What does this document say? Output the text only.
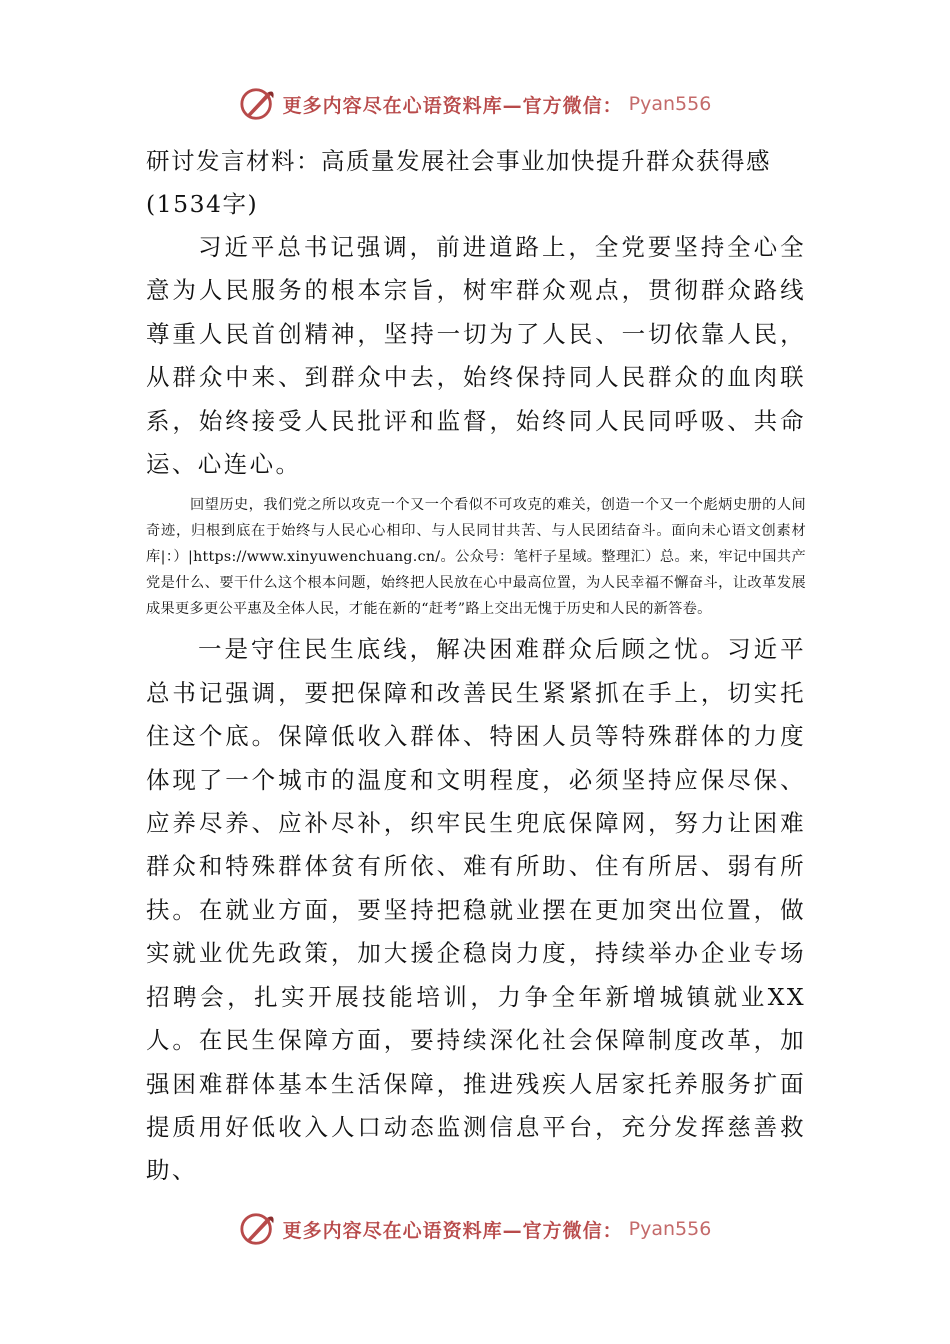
更多内容尽在心语资料库—官方微信： Pyan556

研讨发言材料：高质量发展社会事业加快提升群众获得感(1534字)

习近平总书记强调，前进道路上，全党要坚持全心全意为人民服务的根本宗旨，树牢群众观点，贯彻群众路线尊重人民首创精神，坚持一切为了人民、一切依靠人民，从群众中来、到群众中去，始终保持同人民群众的血肉联系，始终接受人民批评和监督，始终同人民同呼吸、共命运、心连心。

回望历史，我们党之所以攻克一个又一个看似不可攻克的难关，创造一个又一个彪炳史册的人间奇迹，归根到底在于始终与人民心心相印、与人民同甘共苦、与人民团结奋斗。面向未心语文创素材库|：）|https://www.xinyuwenchuang.cn/。公众号：笔杆子星域。整理汇）总。来，牢记中国共产党是什么、要干什么这个根本问题，始终把人民放在心中最高位置，为人民幸福不懈奋斗，让改革发展成果更多更公平惠及全体人民，才能在新的“赶考”路上交出无愧于历史和人民的新答卷。

一是守住民生底线，解决困难群众后顾之忧。习近平总书记强调，要把保障和改善民生紧紧抓在手上，切实托住这个底。保障低收入群体、特困人员等特殊群体的力度体现了一个城市的温度和文明程度，必须坚持应保尽保、应养尽养、应补尽补，织牢民生兜底保障网，努力让困难群众和特殊群体贫有所依、难有所助、住有所居、弱有所扶。在就业方面，要坚持把稳就业摆在更加突出位置，做实就业优先政策，加大援企稳岗力度，持续举办企业专场招聘会，扎实开展技能培训，力争全年新增城镇就业XX人。在民生保障方面，要持续深化社会保障制度改革，加强困难群体基本生活保障，推进残疾人居家托养服务扩面提质用好低收入人口动态监测信息平台，充分发挥慈善救助、

更多内容尽在心语资料库—官方微信： Pyan556
